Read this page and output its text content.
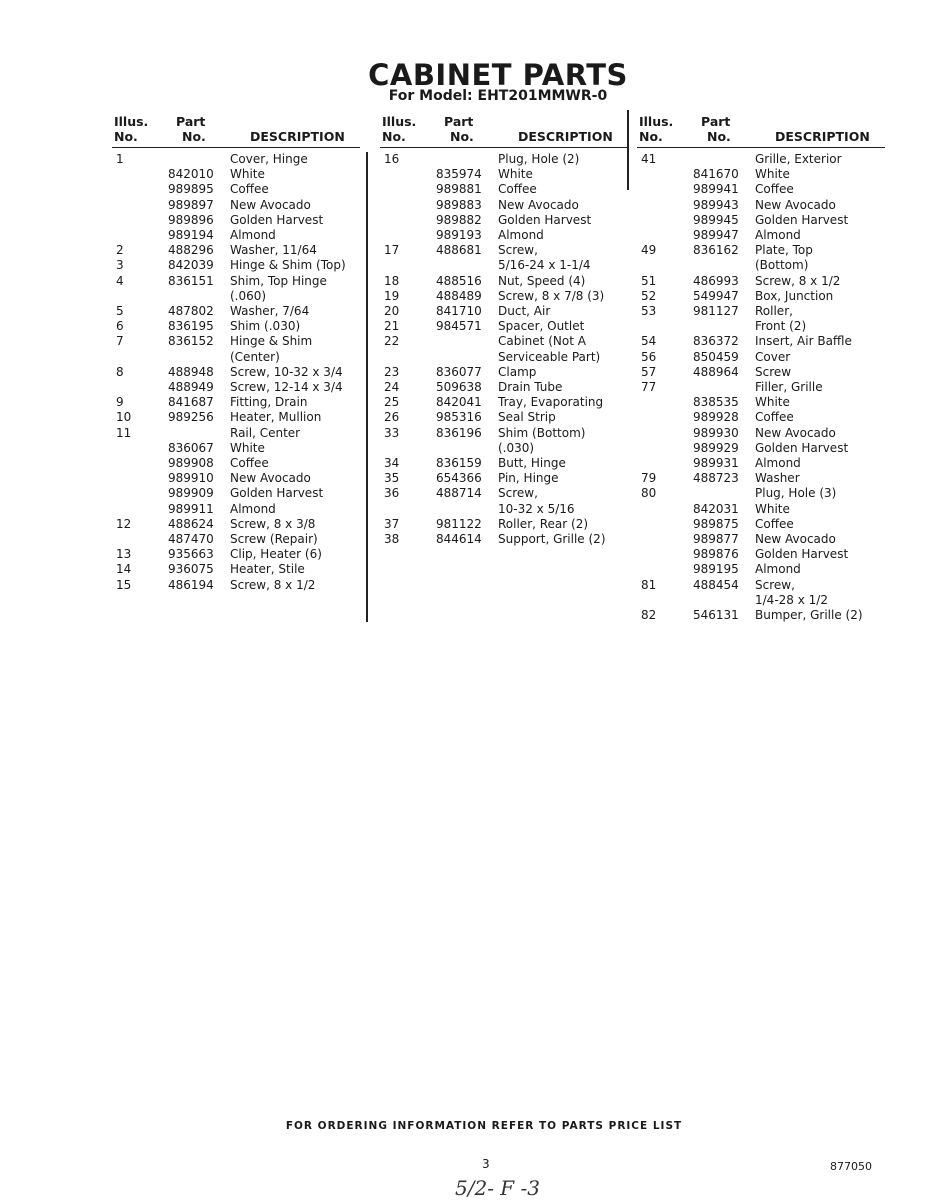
CABINET PARTS
For Model: EHT201MMWR-0
Illus.
No.
Part
No.	DESCRIPTION
1	Cover, Hinge
842010 White
989895 Coffee
989897 New Avocado
989896 Golden Harvest
989194 Almond
2	488296 Washer, 11/64
3	842039 Hinge & Shim (Top)
4	836151 Shim, Top Hinge
(.060)
5	487802 Washer, 7/64
6	836195 Shim (.030)
7	836152 Hinge & Shim
(Center)
8	488948 Screw, 10-32 x 3/4
488949 Screw, 12-14 x 3/4
9	841687 Fitting, Drain
10	989256 Heater, Mullion
11	Rail, Center
836067 White
989908 Coffee
989910 New Avocado
989909 Golden Harvest
989911 Almond
12	488624 Screw, 8 x 3/8
487470 Screw (Repair)
13	935663 Clip, Heater (6)
14	936075 Heater, Stile
15	486194 Screw, 8 x 1/2
Illus.
No.
Part
No.	DESCRIPTION
16	Plug, Hole (2)
835974 White
989881 Coffee
989883 New Avocado
989882 Golden Harvest
989193 Almond
17	488681 Screw,
5/16-24 x 1-1/4
18	488516 Nut, Speed (4)
19	488489 Screw, 8 x 7/8 (3)
20	841710 Duct, Air
21	984571 Spacer, Outlet
22	Cabinet (Not A
Serviceable Part)
23	836077 Clamp
24	509638 Drain Tube
25	842041 Tray, Evaporating
26	985316 Seal Strip
33	836196 Shim (Bottom)
(.030)
34	836159 Butt, Hinge
35	654366 Pin, Hinge
36	488714 Screw,
10-32 x 5/16
37	981122 Roller, Rear (2)
38	844614 Support, Grille (2)
Illus.
No.
Part
No.	DESCRIPTION
41	Grille, Exterior
841670 White
989941 Coffee
989943 New Avocado
989945 Golden Harvest
989947 Almond
49	836162 Plate, Top
(Bottom)
51	486993 Screw, 8 x 1/2
52	549947 Box, Junction
53	981127 Roller,
Front (2)
54	836372 Insert, Air Baffle
56	850459 Cover
57	488964 Screw
77	Filler, Grille
838535 White
989928 Coffee
989930 New Avocado
989929 Golden Harvest
989931 Almond
79	488723 Washer
80	Plug, Hole (3)
842031 White
989875 Coffee
989877 New Avocado
989876 Golden Harvest
989195 Almond
81	488454 Screw,
1/4-28 x 1/2
82	546131 Bumper, Grille (2)
FOR ORDERING INFORMATION REFER TO PARTS PRICE LIST
3	877050
5/2- F -3
